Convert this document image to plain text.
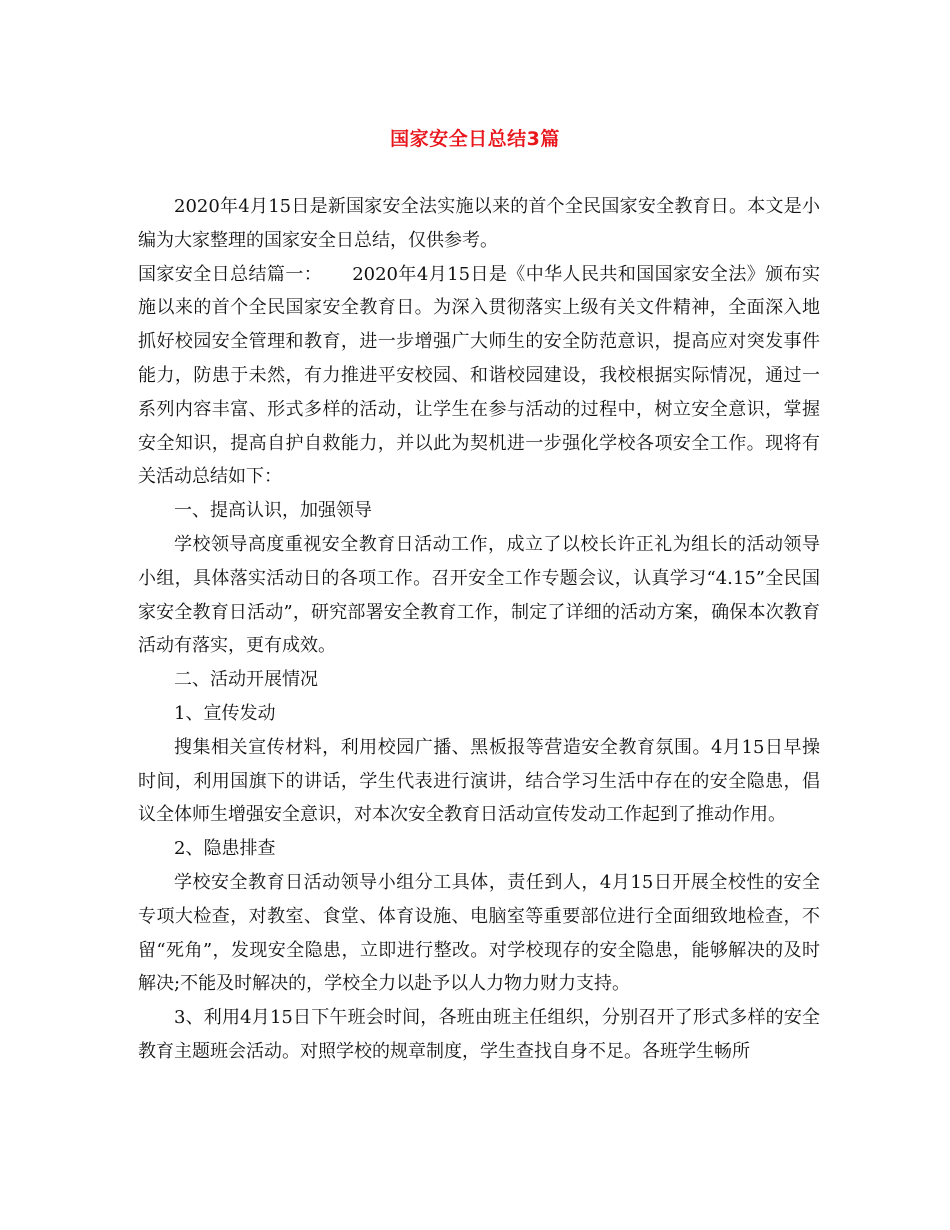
国家安全日总结3篇

2020年4月15日是新国家安全法实施以来的首个全民国家安全教育日。本文是小编为大家整理的国家安全日总结，仅供参考。

国家安全日总结篇一： 2020年4月15日是《中华人民共和国国家安全法》颁布实施以来的首个全民国家安全教育日。为深入贯彻落实上级有关文件精神，全面深入地抓好校园安全管理和教育，进一步增强广大师生的安全防范意识，提高应对突发事件能力，防患于未然，有力推进平安校园、和谐校园建设，我校根据实际情况，通过一系列内容丰富、形式多样的活动，让学生在参与活动的过程中，树立安全意识，掌握安全知识，提高自护自救能力，并以此为契机进一步强化学校各项安全工作。现将有关活动总结如下：

一、提高认识，加强领导

学校领导高度重视安全教育日活动工作，成立了以校长许正礼为组长的活动领导小组，具体落实活动日的各项工作。召开安全工作专题会议，认真学习“4.15”全民国家安全教育日活动”，研究部署安全教育工作，制定了详细的活动方案，确保本次教育活动有落实，更有成效。

二、活动开展情况

1、宣传发动

搜集相关宣传材料，利用校园广播、黑板报等营造安全教育氛围。4月15日早操时间，利用国旗下的讲话，学生代表进行演讲，结合学习生活中存在的安全隐患，倡议全体师生增强安全意识，对本次安全教育日活动宣传发动工作起到了推动作用。

2、隐患排查

学校安全教育日活动领导小组分工具体，责任到人，4月15日开展全校性的安全专项大检查，对教室、食堂、体育设施、电脑室等重要部位进行全面细致地检查，不留“死角”，发现安全隐患，立即进行整改。对学校现存的安全隐患，能够解决的及时解决;不能及时解决的，学校全力以赴予以人力物力财力支持。

3、利用4月15日下午班会时间，各班由班主任组织，分别召开了形式多样的安全教育主题班会活动。对照学校的规章制度，学生查找自身不足。各班学生畅所
